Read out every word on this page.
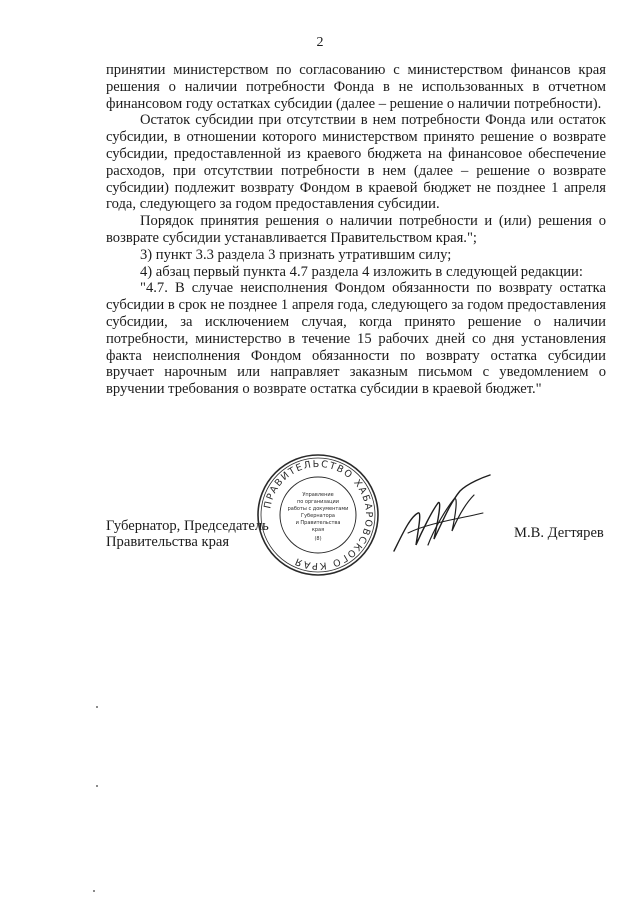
2

принятии министерством по согласованию с министерством финансов края решения о наличии потребности Фонда в не использованных в отчетном финансовом году остатках субсидии (далее – решение о наличии потребности).

Остаток субсидии при отсутствии в нем потребности Фонда или остаток субсидии, в отношении которого министерством принято решение о возврате субсидии, предоставленной из краевого бюджета на финансовое обеспечение расходов, при отсутствии потребности в нем (далее – решение о возврате субсидии) подлежит возврату Фондом в краевой бюджет не позднее 1 апреля года, следующего за годом предоставления субсидии.

Порядок принятия решения о наличии потребности и (или) решения о возврате субсидии устанавливается Правительством края.";

3) пункт 3.3 раздела 3 признать утратившим силу;

4) абзац первый пункта 4.7 раздела 4 изложить в следующей редакции:

"4.7. В случае неисполнения Фондом обязанности по возврату остатка субсидии в срок не позднее 1 апреля года, следующего за годом предоставления субсидии, за исключением случая, когда принято решение о наличии потребности, министерство в течение 15 рабочих дней со дня установления факта неисполнения Фондом обязанности по возврату остатка субсидии вручает нарочным или направляет заказным письмом с уведомлением о вручении требования о возврате остатка субсидии в краевой бюджет."

Губернатор, Председатель
Правительства края
ПРАВИТЕЛЬСТВО ХАБАРОВСКОГО КРАЯ
Управление
по организации
работы с документами
Губернатора
и Правительства
края
(8)	М.В. Дегтярев
